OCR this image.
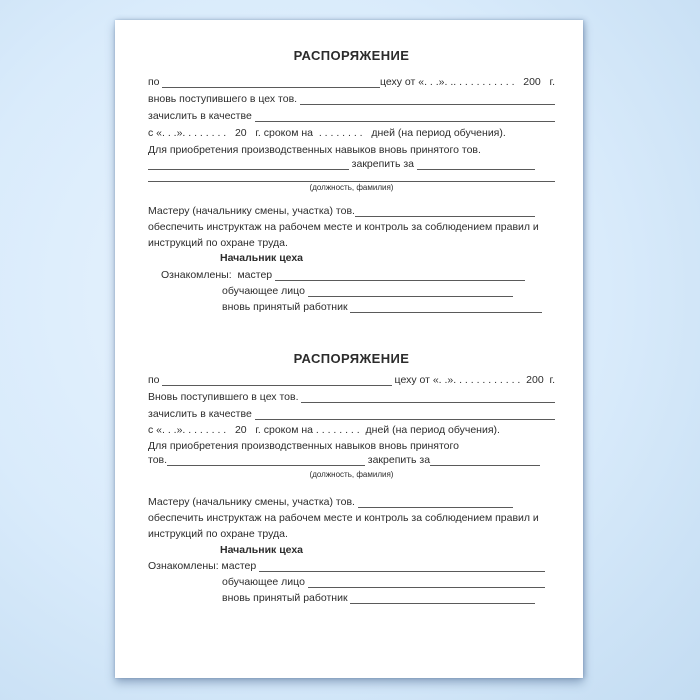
РАСПОРЯЖЕНИЕ
по	цеху от «. . .». .. . . . . . . . . . .   200   г.
вновь поступившего в цех тов.
зачислить в качестве
с «. . .». . . . . . . .   20   г. сроком на  . . . . . . . .   дней (на период обучения).
Для приобретения производственных навыков вновь принятого тов.
закрепить за
(должность, фамилия)
Мастеру (начальнику смены, участка) тов.
обеспечить инструктаж на рабочем месте и контроль за соблюдением правил и
инструкций по охране труда.
Начальник цеха
Ознакомлены:  мастер
обучающее лицо
вновь принятый работник
РАСПОРЯЖЕНИЕ
по	цеху от «. .». . . . . . . . . . . .  200  г.
Вновь поступившего в цех тов.
зачислить в качестве
с «. . .». . . . . . . .   20   г. сроком на . . . . . . . .  дней (на период обучения).
Для приобретения производственных навыков вновь принятого
тов.	закрепить за
(должность, фамилия)
Мастеру (начальнику смены, участка) тов.
обеспечить инструктаж на рабочем месте и контроль за соблюдением правил и
инструкций по охране труда.
Начальник цеха
Ознакомлены: мастер
обучающее лицо
вновь принятый работник
